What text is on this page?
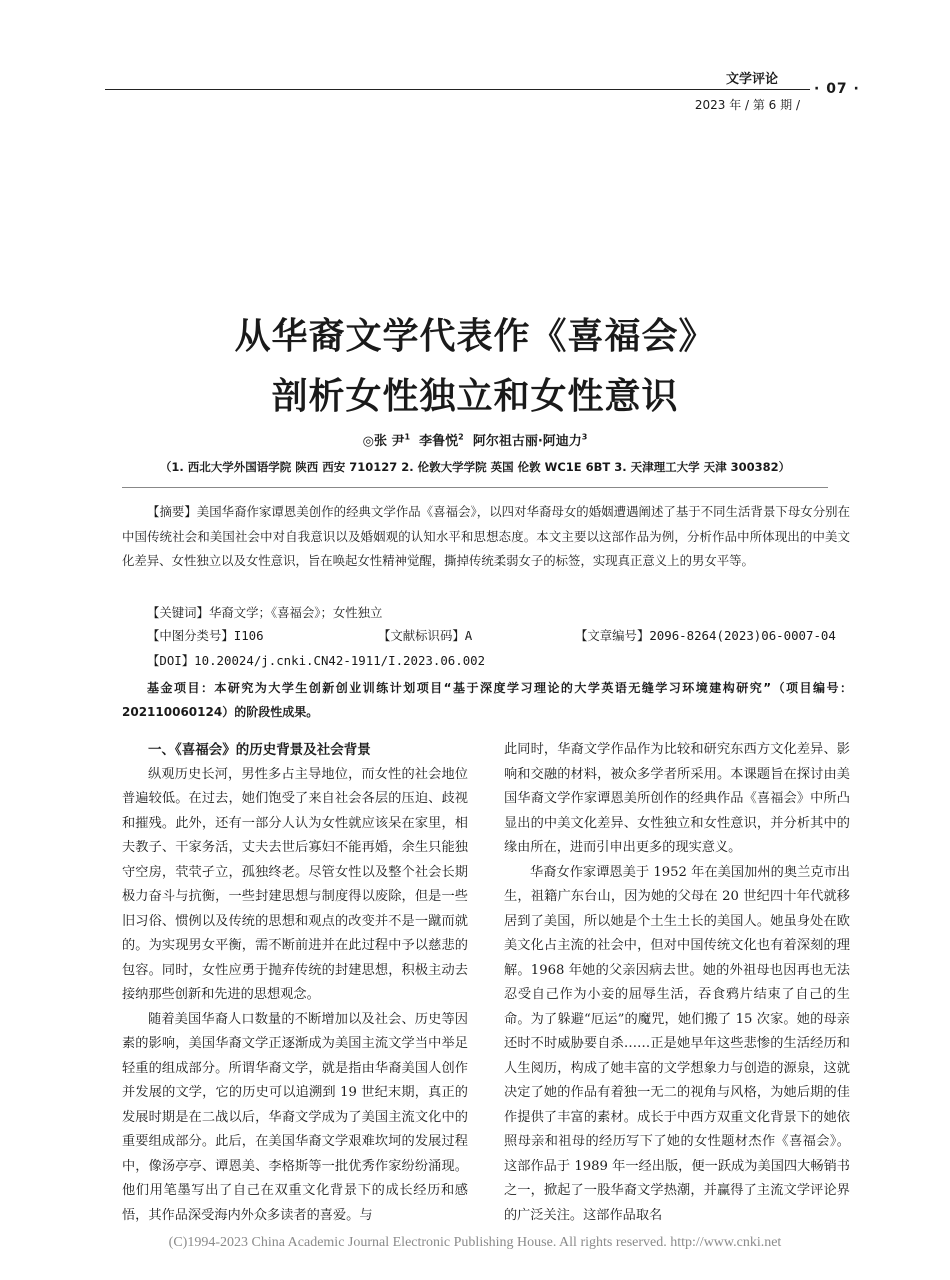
文学评论
· 07 ·
2023 年 / 第 6 期 /
从华裔文学代表作《喜福会》
剖析女性独立和女性意识
◎张 尹$^1$ 李鲁悦$^2$ 阿尔祖古丽·阿迪力$^3$
（1. 西北大学外国语学院 陕西 西安 710127 2. 伦敦大学学院 英国 伦敦 WC1E 6BT 3. 天津理工大学 天津 300382）
【摘要】美国华裔作家谭恩美创作的经典文学作品《喜福会》，以四对华裔母女的婚姻遭遇阐述了基于不同生活背景下母女分别在中国传统社会和美国社会中对自我意识以及婚姻观的认知水平和思想态度。本文主要以这部作品为例，分析作品中所体现出的中美文化差异、女性独立以及女性意识，旨在唤起女性精神觉醒，撕掉传统柔弱女子的标签，实现真正意义上的男女平等。
【关键词】华裔文学；《喜福会》；女性独立
【中图分类号】I106	【文献标识码】A	【文章编号】2096-8264(2023)06-0007-04
【DOI】10.20024/j.cnki.CN42-1911/I.2023.06.002
基金项目：本研究为大学生创新创业训练计划项目“基于深度学习理论的大学英语无缝学习环境建构研究”（项目编号：202110060124）的阶段性成果。
一、《喜福会》的历史背景及社会背景

纵观历史长河，男性多占主导地位，而女性的社会地位普遍较低。在过去，她们饱受了来自社会各层的压迫、歧视和摧残。此外，还有一部分人认为女性就应该呆在家里，相夫教子、干家务活，丈夫去世后寡妇不能再婚，余生只能独守空房，茕茕孑立，孤独终老。尽管女性以及整个社会长期极力奋斗与抗衡，一些封建思想与制度得以废除，但是一些旧习俗、惯例以及传统的思想和观点的改变并不是一蹴而就的。为实现男女平衡，需不断前进并在此过程中予以慈悲的包容。同时，女性应勇于抛弃传统的封建思想，积极主动去接纳那些创新和先进的思想观念。

随着美国华裔人口数量的不断增加以及社会、历史等因素的影响，美国华裔文学正逐渐成为美国主流文学当中举足轻重的组成部分。所谓华裔文学，就是指由华裔美国人创作并发展的文学，它的历史可以追溯到 19 世纪末期，真正的发展时期是在二战以后，华裔文学成为了美国主流文化中的重要组成部分。此后，在美国华裔文学艰难坎坷的发展过程中，像汤亭亭、谭恩美、李格斯等一批优秀作家纷纷涌现。他们用笔墨写出了自己在双重文化背景下的成长经历和感悟，其作品深受海内外众多读者的喜爱。与

此同时，华裔文学作品作为比较和研究东西方文化差异、影响和交融的材料，被众多学者所采用。本课题旨在探讨由美国华裔文学作家谭恩美所创作的经典作品《喜福会》中所凸显出的中美文化差异、女性独立和女性意识，并分析其中的缘由所在，进而引申出更多的现实意义。

华裔女作家谭恩美于 1952 年在美国加州的奥兰克市出生，祖籍广东台山，因为她的父母在 20 世纪四十年代就移居到了美国，所以她是个土生土长的美国人。她虽身处在欧美文化占主流的社会中，但对中国传统文化也有着深刻的理解。1968 年她的父亲因病去世。她的外祖母也因再也无法忍受自己作为小妾的屈辱生活，吞食鸦片结束了自己的生命。为了躲避“厄运”的魔咒，她们搬了 15 次家。她的母亲还时不时威胁要自杀……正是她早年这些悲惨的生活经历和人生阅历，构成了她丰富的文学想象力与创造的源泉，这就决定了她的作品有着独一无二的视角与风格，为她后期的佳作提供了丰富的素材。成长于中西方双重文化背景下的她依照母亲和祖母的经历写下了她的女性题材杰作《喜福会》。这部作品于 1989 年一经出版，便一跃成为美国四大畅销书之一，掀起了一股华裔文学热潮，并赢得了主流文学评论界的广泛关注。这部作品取名

(C)1994-2023 China Academic Journal Electronic Publishing House. All rights reserved. http://www.cnki.net
